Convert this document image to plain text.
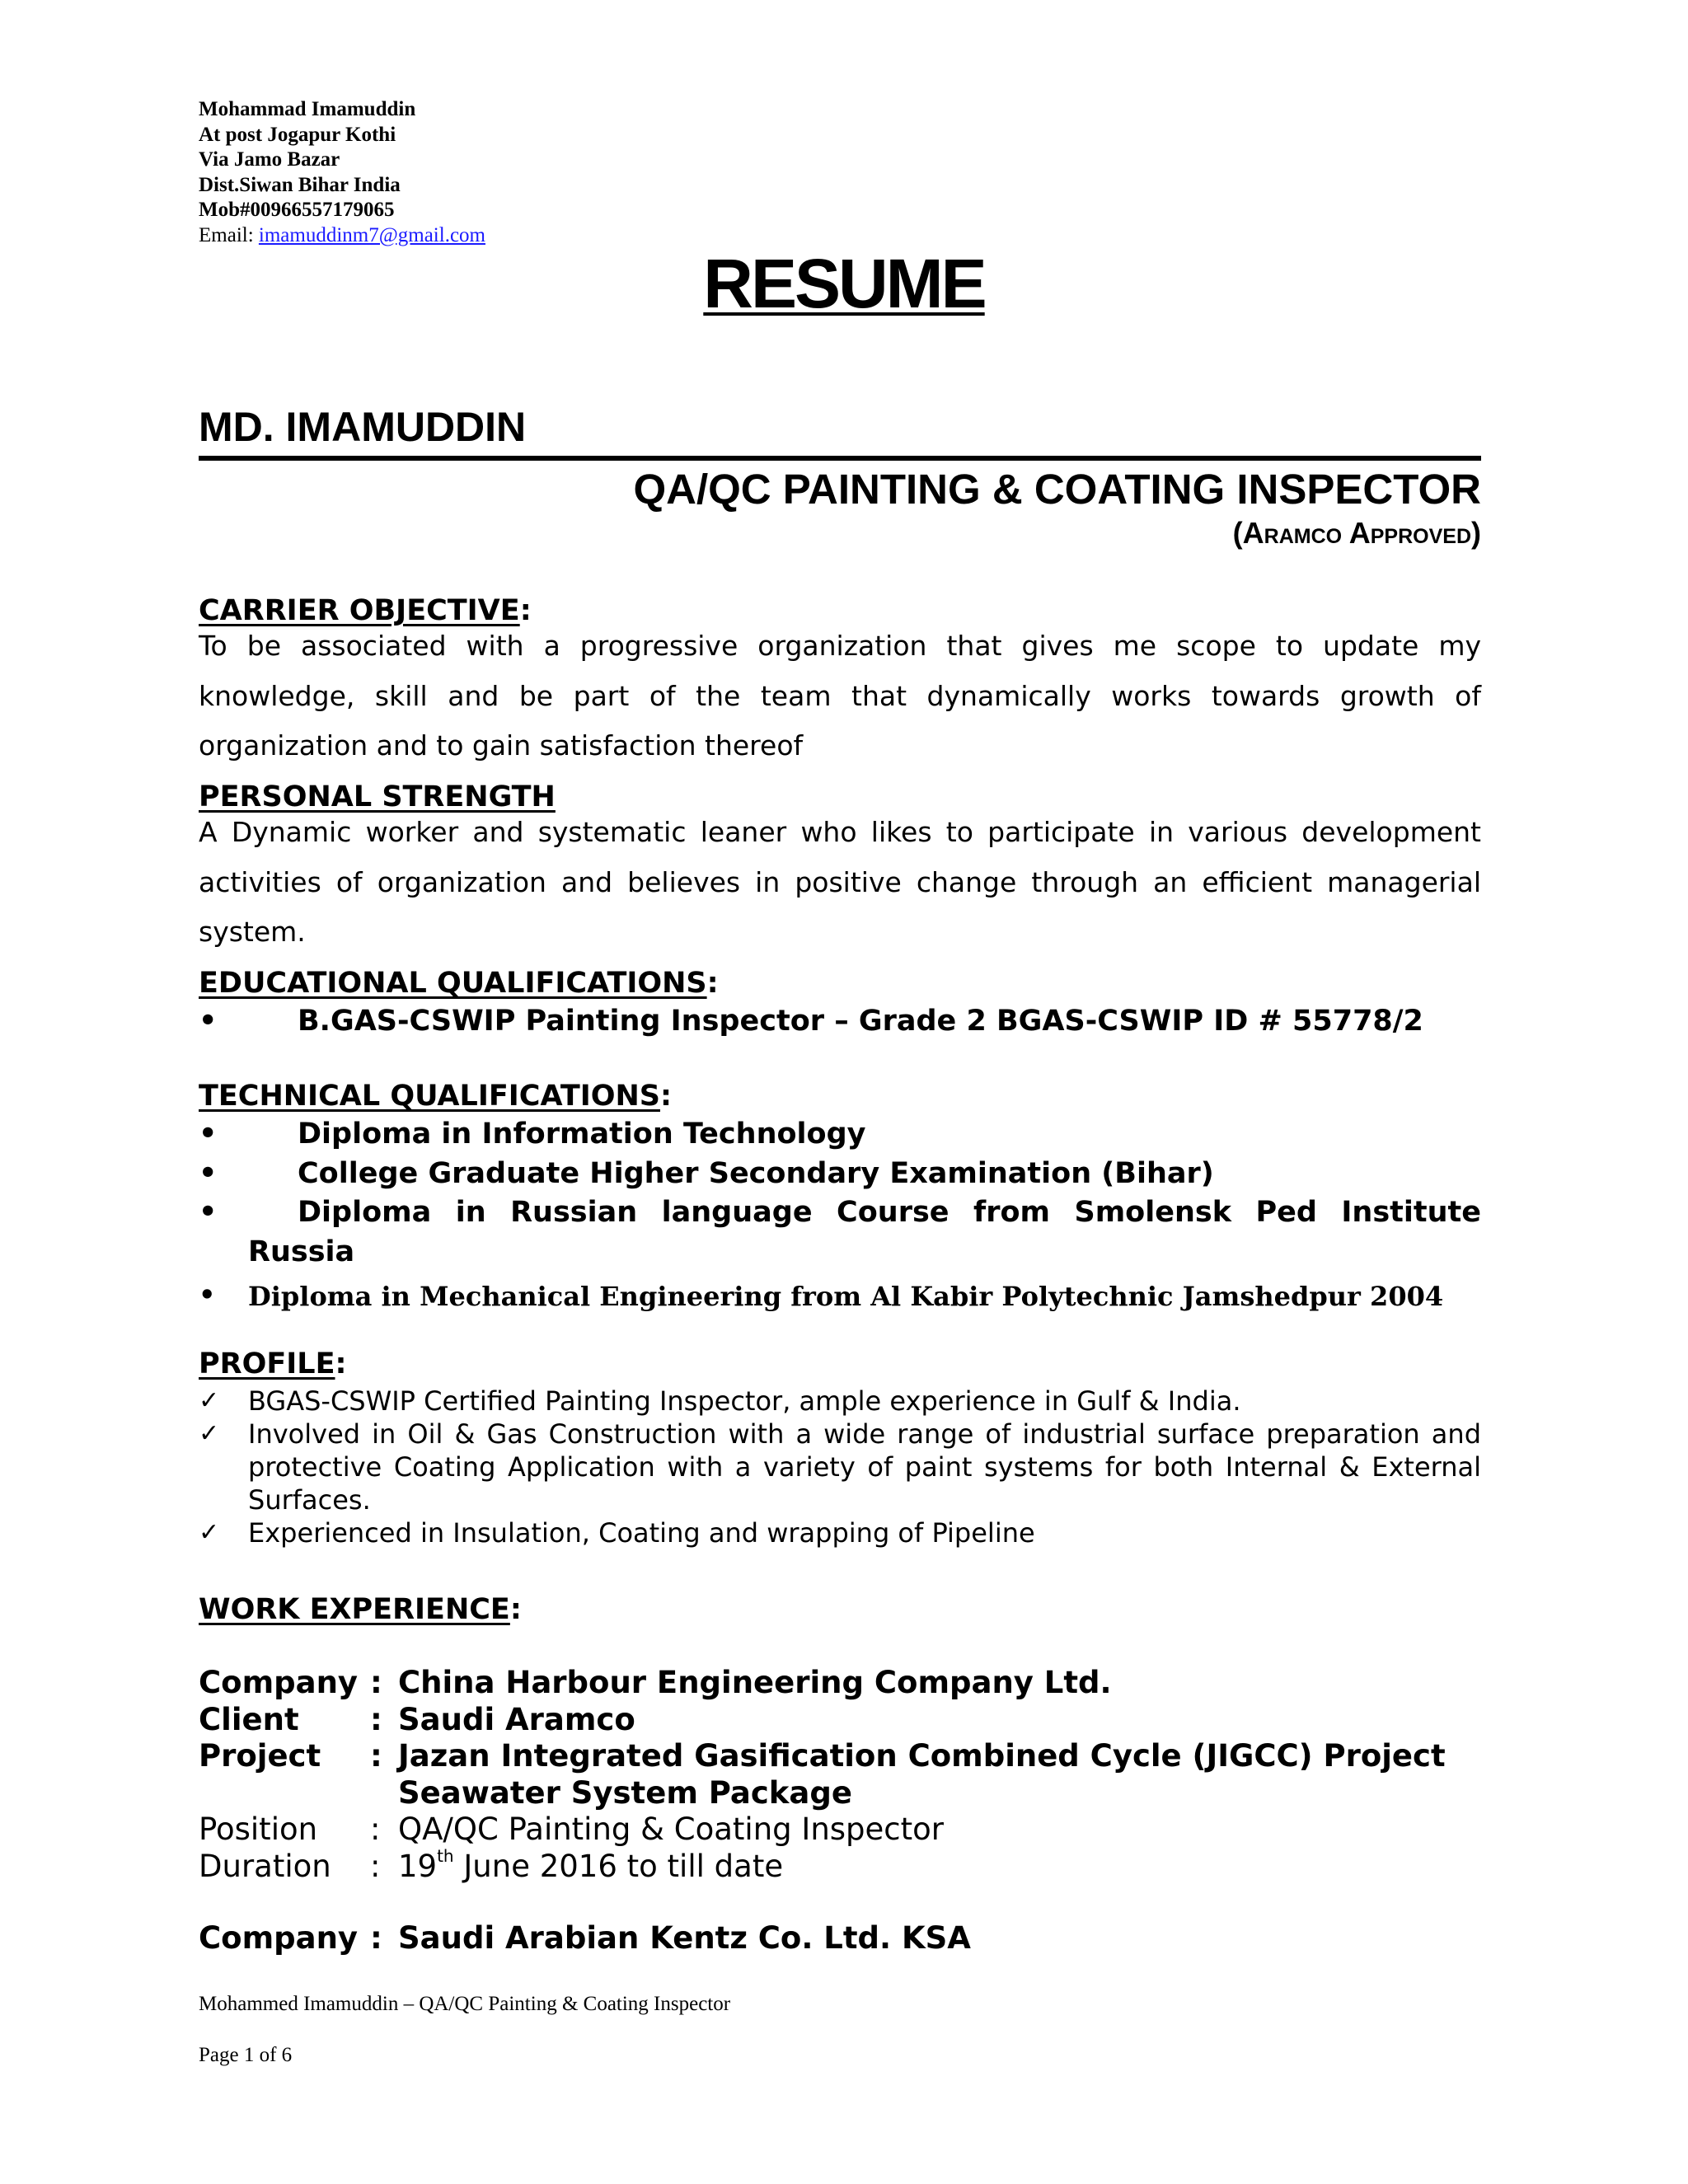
Mohammad Imamuddin
At post Jogapur Kothi
Via Jamo Bazar
Dist.Siwan Bihar India
Mob#00966557179065
Email: imamuddinm7@gmail.com
RESUME
MD. IMAMUDDIN
QA/QC PAINTING & COATING INSPECTOR
(Aramco Approved)
CARRIER OBJECTIVE:
To be associated with a progressive organization that gives me scope to update my knowledge, skill and be part of the team that dynamically works towards growth of organization and to gain satisfaction thereof
PERSONAL STRENGTH
A Dynamic worker and systematic leaner who likes to participate in various development activities of organization and believes in positive change through an efficient managerial system.
EDUCATIONAL QUALIFICATIONS:
•	B.GAS-CSWIP Painting Inspector – Grade 2 BGAS-CSWIP ID # 55778/2
TECHNICAL QUALIFICATIONS:
•	Diploma in Information Technology
•	College Graduate Higher Secondary Examination (Bihar)
•	Diploma in Russian language Course from Smolensk Ped Institute Russia
• Diploma in Mechanical Engineering from Al Kabir Polytechnic Jamshedpur 2004
PROFILE:
✓ BGAS-CSWIP Certified Painting Inspector, ample experience in Gulf & India.
✓ Involved in Oil & Gas Construction with a wide range of industrial surface preparation and protective Coating Application with a variety of paint systems for both Internal & External Surfaces.
✓ Experienced in Insulation, Coating and wrapping of Pipeline
WORK EXPERIENCE:
Company	:	China Harbour Engineering Company Ltd.
Client	:	Saudi Aramco
Project	:	Jazan Integrated Gasification Combined Cycle (JIGCC) Project Seawater System Package
Position	:	QA/QC Painting & Coating Inspector
Duration	:	19th June 2016 to till date
Company	:	Saudi Arabian Kentz Co. Ltd. KSA
Mohammed Imamuddin – QA/QC Painting & Coating Inspector
Page 1 of 6
